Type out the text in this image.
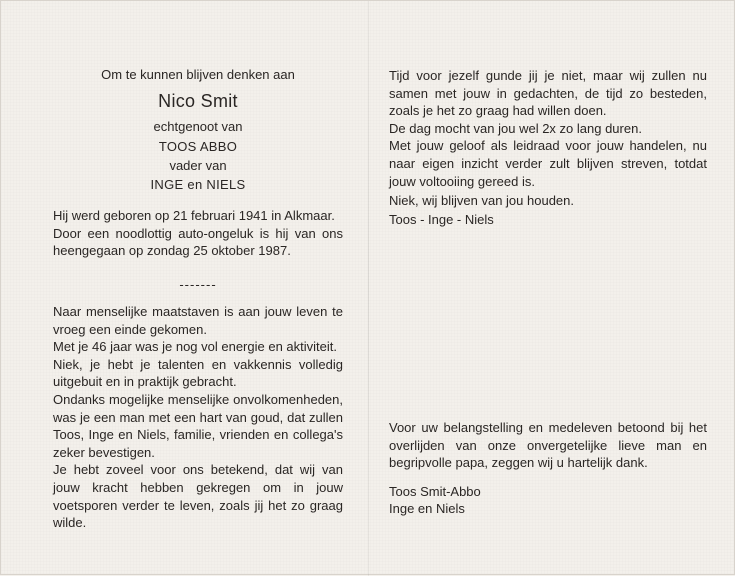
Om te kunnen blijven denken aan
Nico Smit
echtgenoot van
TOOS ABBO
vader van
INGE en NIELS
Hij werd geboren op 21 februari 1941 in Alkmaar.
Door een noodlottig auto-ongeluk is hij van ons heengegaan op zondag 25 oktober 1987.
-------
Naar menselijke maatstaven is aan jouw leven te vroeg een einde gekomen.
Met je 46 jaar was je nog vol energie en aktiviteit.
Niek, je hebt je talenten en vakkennis volledig uitgebuit en in praktijk gebracht.
Ondanks mogelijke menselijke onvolkomenheden, was je een man met een hart van goud, dat zullen Toos, Inge en Niels, familie, vrienden en collega's zeker bevestigen.
Je hebt zoveel voor ons betekend, dat wij van jouw kracht hebben gekregen om in jouw voetsporen verder te leven, zoals jij het zo graag wilde.
Tijd voor jezelf gunde jij je niet, maar wij zullen nu samen met jouw in gedachten, de tijd zo besteden, zoals je het zo graag had willen doen.
De dag mocht van jou wel 2x zo lang duren.
Met jouw geloof als leidraad voor jouw handelen, nu naar eigen inzicht verder zult blijven streven, totdat jouw voltooiing gereed is.
Niek, wij blijven van jou houden.
Toos - Inge - Niels
Voor uw belangstelling en medeleven betoond bij het overlijden van onze onvergetelijke lieve man en begripvolle papa, zeggen wij u hartelijk dank.
Toos Smit-Abbo
Inge en Niels
